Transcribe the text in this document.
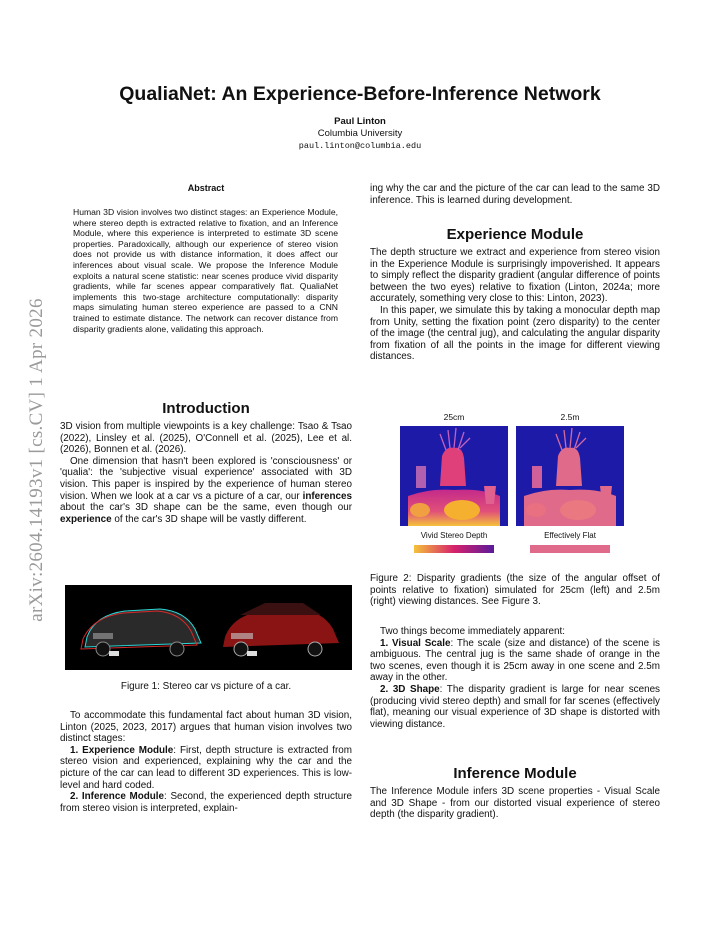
arXiv:2604.14193v1 [cs.CV] 1 Apr 2026
QualiaNet: An Experience-Before-Inference Network
Paul Linton
Columbia University
paul.linton@columbia.edu
Abstract
Human 3D vision involves two distinct stages: an Experience Module, where stereo depth is extracted relative to fixation, and an Inference Module, where this experience is interpreted to estimate 3D scene properties. Paradoxically, although our experience of stereo vision does not provide us with distance information, it does affect our inferences about visual scale. We propose the Inference Module exploits a natural scene statistic: near scenes produce vivid disparity gradients, while far scenes appear comparatively flat. QualiaNet implements this two-stage architecture computationally: disparity maps simulating human stereo experience are passed to a CNN trained to estimate distance. The network can recover distance from disparity gradients alone, validating this approach.
Introduction

3D vision from multiple viewpoints is a key challenge: Tsao & Tsao (2022), Linsley et al. (2025), O'Connell et al. (2025), Lee et al. (2026), Bonnen et al. (2026).

One dimension that hasn't been explored is 'consciousness' or 'qualia': the 'subjective visual experience' associated with 3D vision. This paper is inspired by the experience of human stereo vision. When we look at a car vs a picture of a car, our inferences about the car's 3D shape can be the same, even though our experience of the car's 3D shape will be vastly different.

Figure 1: Stereo car vs picture of a car.

To accommodate this fundamental fact about human 3D vision, Linton (2025, 2023, 2017) argues that human vision involves two distinct stages:

1. Experience Module: First, depth structure is extracted from stereo vision and experienced, explaining why the car and the picture of the car can lead to different 3D experiences. This is low-level and hard coded.

2. Inference Module: Second, the experienced depth structure from stereo vision is interpreted, explain-

ing why the car and the picture of the car can lead to the same 3D inference. This is learned during development.

Experience Module

The depth structure we extract and experience from stereo vision in the Experience Module is surprisingly impoverished. It appears to simply reflect the disparity gradient (angular difference of points between the two eyes) relative to fixation (Linton, 2024a; more accurately, something very close to this: Linton, 2023).

In this paper, we simulate this by taking a monocular depth map from Unity, setting the fixation point (zero disparity) to the center of the image (the central jug), and calculating the angular disparity from fixation of all the points in the image for different viewing distances.

25cm	2.5m
Vivid Stereo Depth	Effectively Flat
Figure 2: Disparity gradients (the size of the angular offset of points relative to fixation) simulated for 25cm (left) and 2.5m (right) viewing distances. See Figure 3.

Two things become immediately apparent:

1. Visual Scale: The scale (size and distance) of the scene is ambiguous. The central jug is the same shade of orange in the two scenes, even though it is 25cm away in one scene and 2.5m away in the other.

2. 3D Shape: The disparity gradient is large for near scenes (producing vivid stereo depth) and small for far scenes (effectively flat), meaning our visual experience of 3D shape is distorted with viewing distance.

Inference Module

The Inference Module infers 3D scene properties - Visual Scale and 3D Shape - from our distorted visual experience of stereo depth (the disparity gradient).
